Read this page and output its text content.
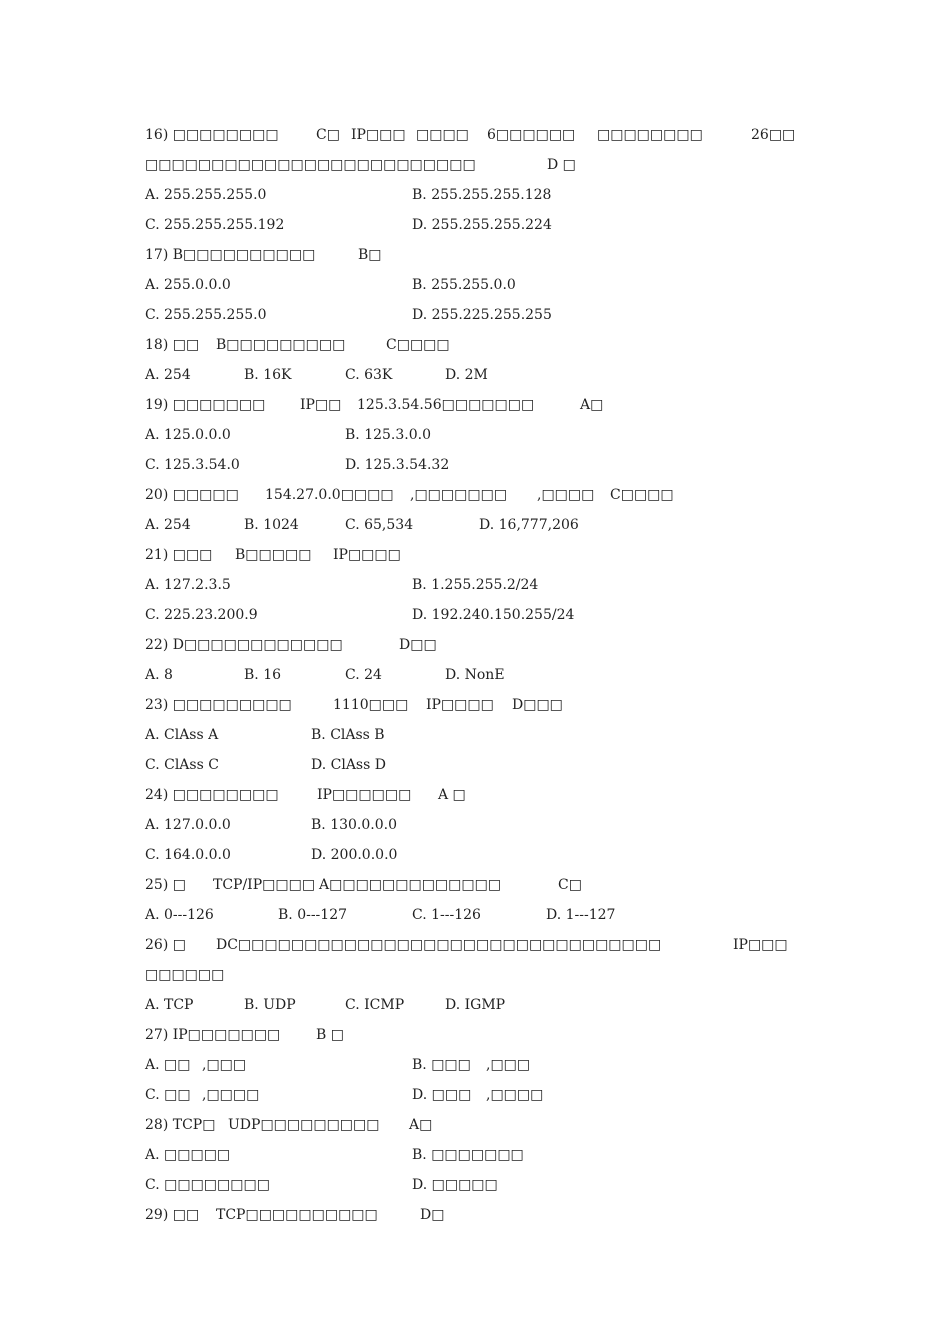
16) □□□□□□□□	C□ IP□□□ □□□□ 6□□□□□□ □□□□□□□□	26□□
□□□□□□□□□□□□□□□□□□□□□□□□□	D □
A. 255.255.255.0	B. 255.255.255.128
C. 255.255.255.192	D. 255.255.255.224
17) B□□□□□□□□□□	B□
A. 255.0.0.0	B. 255.255.0.0
C. 255.255.255.0	D. 255.225.255.255
18) □□ B□□□□□□□□□	C□□□□
A. 254	B. 16K	C. 63K	D. 2M
19) □□□□□□□ IP□□ 125.3.54.56□□□□□□□	A□
A. 125.0.0.0	B. 125.3.0.0
C. 125.3.54.0	D. 125.3.54.32
20) □□□□□ 154.27.0.0□□□□ ,□□□□□□□ ,□□□□ C□□□□
A. 254	B. 1024	C. 65,534	D. 16,777,206
21) □□□ B□□□□□ IP□□□□
A. 127.2.3.5	B. 1.255.255.2/24
C. 225.23.200.9	D. 192.240.150.255/24
22) D□□□□□□□□□□□□	D□□
A. 8	B. 16	C. 24	D. NonE
23) □□□□□□□□□	1110□□□ IP□□□□ D□□□
A. ClAss A	B. ClAss B
C. ClAss C	D. ClAss D
24) □□□□□□□□	IP□□□□□□ A □
A. 127.0.0.0	B. 130.0.0.0
C. 164.0.0.0	D. 200.0.0.0
25) □ TCP/IP□□□□ A□□□□□□□□□□□□□	C□
A. 0---126	B. 0---127	C. 1---126	D. 1---127
26) □ DC□□□□□□□□□□□□□□□□□□□□□□□□□□□□□□□□	IP□□□
□□□□□□
A. TCP	B. UDP	C. ICMP	D. IGMP
27) IP□□□□□□□	B □
A. □□ ,□□□	B. □□□ ,□□□
C. □□ ,□□□□	D. □□□ ,□□□□
28) TCP□ UDP□□□□□□□□□ A□
A. □□□□□	B. □□□□□□□
C. □□□□□□□□	D. □□□□□
29) □□ TCP□□□□□□□□□□	D□
